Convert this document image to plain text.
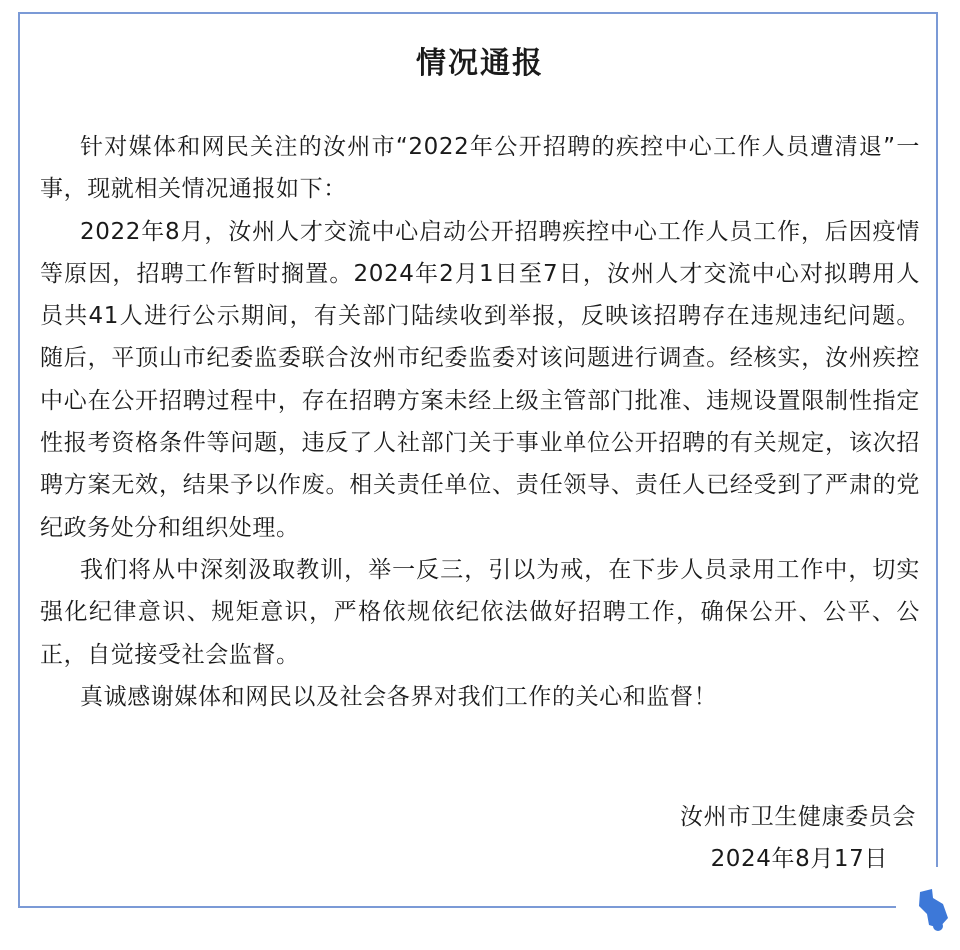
情况通报

针对媒体和网民关注的汝州市“2022年公开招聘的疾控中心工作人员遭清退”一事，现就相关情况通报如下：

2022年8月，汝州人才交流中心启动公开招聘疾控中心工作人员工作，后因疫情等原因，招聘工作暂时搁置。2024年2月1日至7日，汝州人才交流中心对拟聘用人员共41人进行公示期间，有关部门陆续收到举报，反映该招聘存在违规违纪问题。随后，平顶山市纪委监委联合汝州市纪委监委对该问题进行调查。经核实，汝州疾控中心在公开招聘过程中，存在招聘方案未经上级主管部门批准、违规设置限制性指定性报考资格条件等问题，违反了人社部门关于事业单位公开招聘的有关规定，该次招聘方案无效，结果予以作废。相关责任单位、责任领导、责任人已经受到了严肃的党纪政务处分和组织处理。

我们将从中深刻汲取教训，举一反三，引以为戒，在下步人员录用工作中，切实强化纪律意识、规矩意识，严格依规依纪依法做好招聘工作，确保公开、公平、公正，自觉接受社会监督。

真诚感谢媒体和网民以及社会各界对我们工作的关心和监督！

汝州市卫生健康委员会

2024年8月17日
